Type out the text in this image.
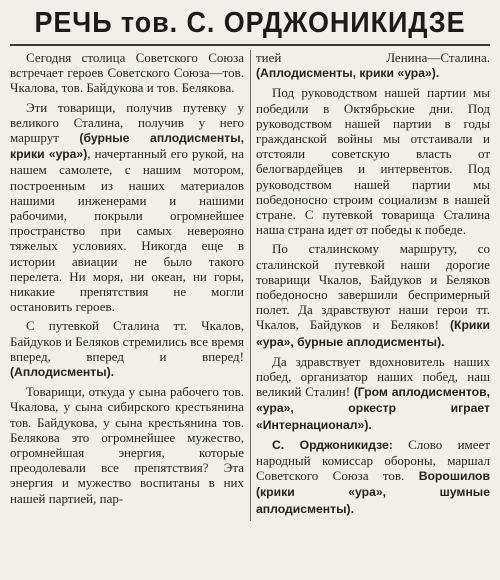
РЕЧЬ тов. С. ОРДЖОНИКИДЗЕ

Сегодня столица Советского Союза встречает героев Советского Союза—тов. Чкалова, тов. Байдукова и тов. Белякова.

Эти товарищи, получив путевку у великого Сталина, получив у него маршрут (бурные аплодисменты, крики «ура»), начертанный его рукой, на нашем самолете, с нашим мотором, построенным из наших материалов нашими инженерами и нашими рабочими, покрыли огромнейшее пространство при самых неверояно тяжелых условиях. Никогда еще в истории авиации не было такого перелета. Ни моря, ни океан, ни горы, никакие препятствия не могли остановить героев.

С путевкой Сталина тт. Чкалов, Байдуков и Беляков стремились все время вперед, вперед и вперед! (Аплодисменты).

Товарищи, откуда у сына рабочего тов. Чкалова, у сына сибирского крестьянина тов. Байдукова, у сына крестьянина тов. Белякова это огромнейшее мужество, огромнейшая энергия, которые преодолевали все препятствия? Эта энергия и мужество воспитаны в них нашей партией, пар-

тией Ленина—Сталина. (Аплодисменты, крики «ура»).

Под руководством нашей партии мы победили в Октябрьские дни. Под руководством нашей партии в годы гражданской войны мы отстаивали и отстояли советскую власть от белогвардейцев и интервентов. Под руководством нашей партии мы победоносно строим социализм в нашей стране. С путевкой товарища Сталина наша страна идет от победы к победе.

По сталинскому маршруту, со сталинской путевкой наши дорогие товарищи Чкалов, Байдуков и Беляков победоносно завершили беспримерный полет. Да здравствуют наши герои тт. Чкалов, Байдуков и Беляков! (Крики «ура», бурные аплодисменты).

Да здравствует вдохновитель наших побед, организатор наших побед, наш великий Сталин! (Гром аплодисментов, «ура», оркестр играет «Интернационал»).

С. Орджоникидзе: Слово имеет народный комиссар обороны, маршал Советского Союза тов. Ворошилов (крики «ура», шумные аплодисменты).
